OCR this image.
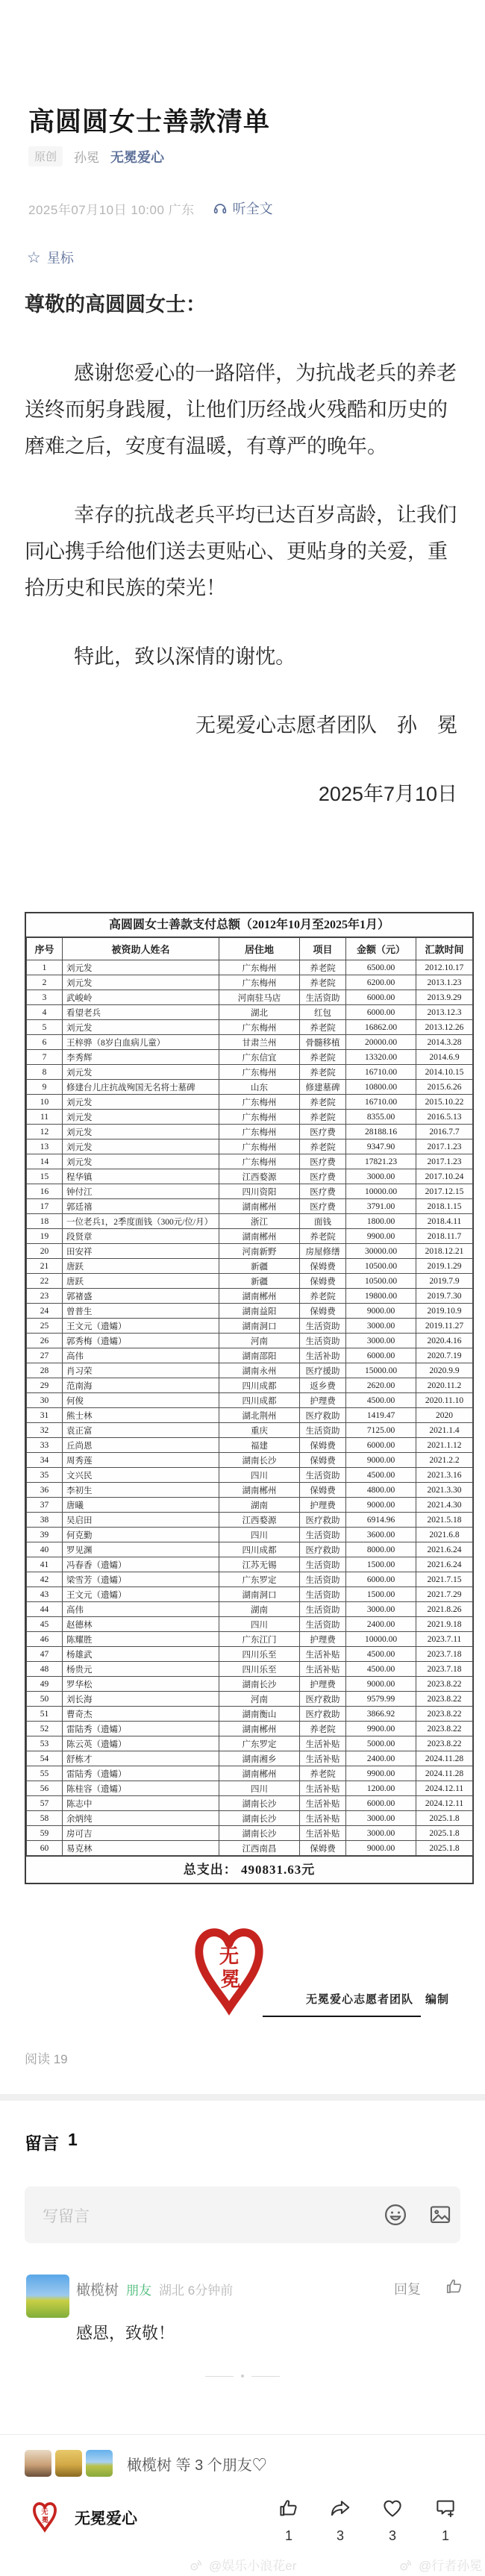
高圆圆女士善款清单
原创	孙冕 无冕爱心
2025年07月10日 10:00 广东	听全文
☆ 星标

尊敬的高圆圆女士：

感谢您爱心的一路陪伴，为抗战老兵的养老送终而躬身践履，让他们历经战火残酷和历史的磨难之后，安度有温暖，有尊严的晚年。

幸存的抗战老兵平均已达百岁高龄，让我们同心携手给他们送去更贴心、更贴身的关爱，重拾历史和民族的荣光！

特此，致以深情的谢忱。

无冕爱心志愿者团队　孙　冕

2025年7月10日

高圆圆女士善款支付总额（2012年10月至2025年1月）
序号	被资助人姓名	居住地	项目	金额（元）	汇款时间
1	刘元发	广东梅州	养老院	6500.00	2012.10.17
2	刘元发	广东梅州	养老院	6200.00	2013.1.23
3	武峻岭	河南驻马店	生活资助	6000.00	2013.9.29
4	看望老兵	湖北	红包	6000.00	2013.12.3
5	刘元发	广东梅州	养老院	16862.00	2013.12.26
6	王梓骅（8岁白血病儿童）	甘肃兰州	骨髓移植	20000.00	2014.3.28
7	李秀辉	广东信宜	养老院	13320.00	2014.6.9
8	刘元发	广东梅州	养老院	16710.00	2014.10.15
9	修建台儿庄抗战殉国无名将士墓碑	山东	修建墓碑	10800.00	2015.6.26
10	刘元发	广东梅州	养老院	16710.00	2015.10.22
11	刘元发	广东梅州	养老院	8355.00	2016.5.13
12	刘元发	广东梅州	医疗费	28188.16	2016.7.7
13	刘元发	广东梅州	养老院	9347.90	2017.1.23
14	刘元发	广东梅州	医疗费	17821.23	2017.1.23
15	程华镇	江西婺源	医疗费	3000.00	2017.10.24
16	钟付江	四川资阳	医疗费	10000.00	2017.12.15
17	郭廷禧	湖南郴州	医疗费	3791.00	2018.1.15
18	一位老兵1，2季度面钱（300元/位/月）	浙江	面钱	1800.00	2018.4.11
19	段贤章	湖南郴州	养老院	9900.00	2018.11.7
20	田安祥	河南新野	房屋修缮	30000.00	2018.12.21
21	唐跃	新疆	保姆费	10500.00	2019.1.29
22	唐跃	新疆	保姆费	10500.00	2019.7.9
23	郭禇盛	湖南郴州	养老院	19800.00	2019.7.30
24	曾普生	湖南益阳	保姆费	9000.00	2019.10.9
25	王文元（遗孀）	湖南洞口	生活资助	3000.00	2019.11.27
26	郭秀梅（遗孀）	河南	生活资助	3000.00	2020.4.16
27	高伟	湖南邵阳	生活补助	6000.00	2020.7.19
28	肖习荣	湖南永州	医疗援助	15000.00	2020.9.9
29	范南海	四川成都	返乡费	2620.00	2020.11.2
30	何俊	四川成都	护理费	4500.00	2020.11.10
31	熊士林	湖北荆州	医疗救助	1419.47	2020
32	袁正富	重庆	生活资助	7125.00	2021.1.4
33	丘尚恩	福建	保姆费	6000.00	2021.1.12
34	周秀莲	湖南长沙	保姆费	9000.00	2021.2.2
35	文兴民	四川	生活资助	4500.00	2021.3.16
36	李初生	湖南郴州	保姆费	4800.00	2021.3.30
37	唐曦	湖南	护理费	9000.00	2021.4.30
38	吴启田	江西婺源	医疗救助	6914.96	2021.5.18
39	何克勤	四川	生活资助	3600.00	2021.6.8
40	罗见渊	四川成都	医疗救助	8000.00	2021.6.24
41	冯春香（遗孀）	江苏无锡	生活资助	1500.00	2021.6.24
42	梁雪芳（遗孀）	广东罗定	生活资助	6000.00	2021.7.15
43	王文元（遗孀）	湖南洞口	生活资助	1500.00	2021.7.29
44	高伟	湖南	生活资助	3000.00	2021.8.26
45	赵德林	四川	生活资助	2400.00	2021.9.18
46	陈耀胜	广东江门	护理费	10000.00	2023.7.11
47	杨雄武	四川乐至	生活补贴	4500.00	2023.7.18
48	杨贵元	四川乐至	生活补贴	4500.00	2023.7.18
49	罗华松	湖南长沙	护理费	9000.00	2023.8.22
50	刘长海	河南	医疗救助	9579.99	2023.8.22
51	曹奇杰	湖南衡山	医疗救助	3866.92	2023.8.22
52	雷陆秀（遗孀）	湖南郴州	养老院	9900.00	2023.8.22
53	陈云英（遗孀）	广东罗定	生活补贴	5000.00	2023.8.22
54	舒栋才	湖南湘乡	生活补贴	2400.00	2024.11.28
55	雷陆秀（遗孀）	湖南郴州	养老院	9900.00	2024.11.28
56	陈桂容（遗孀）	四川	生活补贴	1200.00	2024.12.11
57	陈志中	湖南长沙	生活补贴	6000.00	2024.12.11
58	余炳纯	湖南长沙	生活补贴	3000.00	2025.1.8
59	房可吉	湖南长沙	生活补贴	3000.00	2025.1.8
60	易克林	江西南昌	保姆费	9000.00	2025.1.8
总支出： 490831.63元
无
冕
无冕爱心志愿者团队　编制
阅读 19
留言 1
写留言
橄榄树 朋友 湖北 6分钟前	回复
感恩，致敬！
橄榄树 等 3 个朋友♡
无
冕 无冕爱心
1	3	3	1
@娱乐小浪花er	@行者孙冕
